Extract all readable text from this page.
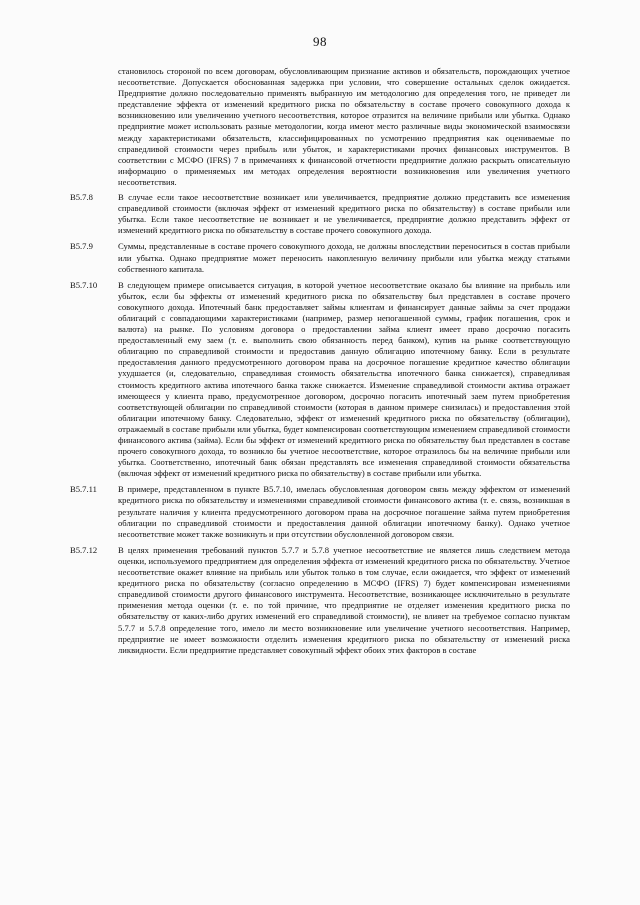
98

становилось стороной по всем договорам, обусловливающим признание активов и обязательств, порождающих учетное несоответствие. Допускается обоснованная задержка при условии, что совершение остальных сделок ожидается. Предприятие должно последовательно применять выбранную им методологию для определения того, не приведет ли представление эффекта от изменений кредитного риска по обязательству в составе прочего совокупного дохода к возникновению или увеличению учетного несоответствия, которое отразится на величине прибыли или убытка. Однако предприятие может использовать разные методологии, когда имеют место различные виды экономической взаимосвязи между характеристиками обязательств, классифицированных по усмотрению предприятия как оцениваемые по справедливой стоимости через прибыль или убыток, и характеристиками прочих финансовых инструментов. В соответствии с МСФО (IFRS) 7 в примечаниях к финансовой отчетности предприятие должно раскрыть описательную информацию о применяемых им методах определения вероятности возникновения или увеличения учетного несоответствия.

B5.7.8	В случае если такое несоответствие возникает или увеличивается, предприятие должно представить все изменения справедливой стоимости (включая эффект от изменений кредитного риска по обязательству) в составе прибыли или убытка. Если такое несоответствие не возникает и не увеличивается, предприятие должно представить эффект от изменений кредитного риска по обязательству в составе прочего совокупного дохода.

B5.7.9	Суммы, представленные в составе прочего совокупного дохода, не должны впоследствии переноситься в состав прибыли или убытка. Однако предприятие может переносить накопленную величину прибыли или убытка между статьями собственного капитала.

B5.7.10	В следующем примере описывается ситуация, в которой учетное несоответствие оказало бы влияние на прибыль или убыток, если бы эффекты от изменений кредитного риска по обязательству был представлен в составе прочего совокупного дохода. Ипотечный банк предоставляет займы клиентам и финансирует данные займы за счет продажи облигаций с совпадающими характеристиками (например, размер непогашенной суммы, график погашения, срок и валюта) на рынке. По условиям договора о предоставлении займа клиент имеет право досрочно погасить предоставленный ему заем (т. е. выполнить свою обязанность перед банком), купив на рынке соответствующую облигацию по справедливой стоимости и предоставив данную облигацию ипотечному банку. Если в результате предоставления данного предусмотренного договором права на досрочное погашение кредитное качество облигации ухудшается (и, следовательно, справедливая стоимость обязательства ипотечного банка снижается), справедливая стоимость кредитного актива ипотечного банка также снижается. Изменение справедливой стоимости актива отражает имеющееся у клиента право, предусмотренное договором, досрочно погасить ипотечный заем путем приобретения соответствующей облигации по справедливой стоимости (которая в данном примере снизилась) и предоставления этой облигации ипотечному банку. Следовательно, эффект от изменений кредитного риска по обязательству (облигации), отражаемый в составе прибыли или убытка, будет компенсирован соответствующим изменением справедливой стоимости финансового актива (займа). Если бы эффект от изменений кредитного риска по обязательству был представлен в составе прочего совокупного дохода, то возникло бы учетное несоответствие, которое отразилось бы на величине прибыли или убытка. Соответственно, ипотечный банк обязан представлять все изменения справедливой стоимости обязательства (включая эффект от изменений кредитного риска по обязательству) в составе прибыли или убытка.

B5.7.11	В примере, представленном в пункте B5.7.10, имелась обусловленная договором связь между эффектом от изменений кредитного риска по обязательству и изменениями справедливой стоимости финансового актива (т. е. связь, возникшая в результате наличия у клиента предусмотренного договором права на досрочное погашение займа путем приобретения облигации по справедливой стоимости и предоставления данной облигации ипотечному банку). Однако учетное несоответствие может также возникнуть и при отсутствии обусловленной договором связи.

B5.7.12	В целях применения требований пунктов 5.7.7 и 5.7.8 учетное несоответствие не является лишь следствием метода оценки, используемого предприятием для определения эффекта от изменений кредитного риска по обязательству. Учетное несоответствие окажет влияние на прибыль или убыток только в том случае, если ожидается, что эффект от изменений кредитного риска по обязательству (согласно определению в МСФО (IFRS) 7) будет компенсирован изменениями справедливой стоимости другого финансового инструмента. Несоответствие, возникающее исключительно в результате применения метода оценки (т. е. по той причине, что предприятие не отделяет изменения кредитного риска по обязательству от каких-либо других изменений его справедливой стоимости), не влияет на требуемое согласно пунктам 5.7.7 и 5.7.8 определение того, имело ли место возникновение или увеличение учетного несоответствия. Например, предприятие не имеет возможности отделить изменения кредитного риска по обязательству от изменений риска ликвидности. Если предприятие представляет совокупный эффект обоих этих факторов в составе
